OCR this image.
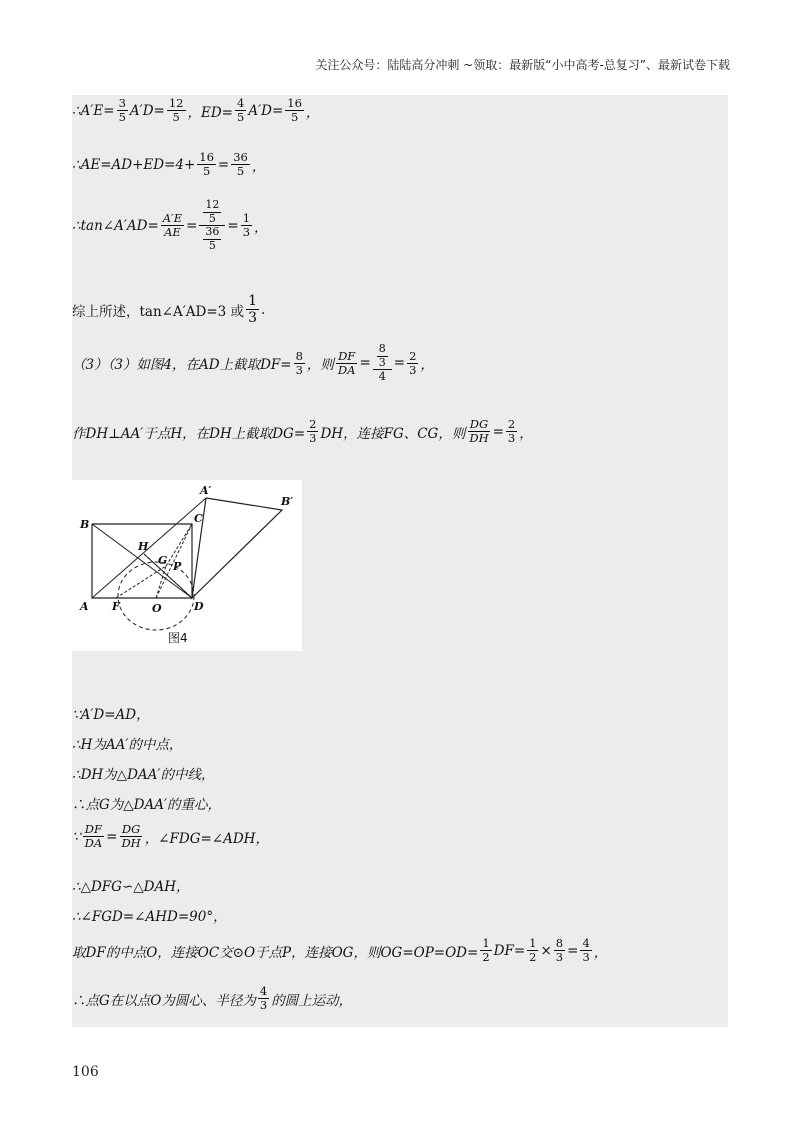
关注公众号：陆陆高分冲刺 ~领取：最新版“小中高考-总复习”、最新试卷下载
∴A′E= $\frac{3}{5} A'D= \frac{12}{5}$ ，$ED= \frac{4}{5} A'D= \frac{16}{5}$ ，
∴AE=AD+ED=4+ $\frac{16}{5} = \frac{36}{5}$ ，
∴tan∠A′AD= $\frac{A'E}{AE} = \frac{\frac{12}{5}}{\frac{36}{5}} = \frac{1}{3}$ ，
综上所述，tan∠A′AD=3 或 $\frac{1}{3}$ .
（3）（3）如图4，在AD上截取$DF= \frac{8}{3}$ ，则 $\frac{DF}{DA} = \frac{\frac{8}{3}}{4} = \frac{2}{3}$ ，
作DH⊥AA′于点H，在DH上截取$DG= \frac{2}{3}$ DH，连接FG、CG，则 $\frac{DG}{DH} = \frac{2}{3}$ ，
B
A
C
D
F	O
H
G P
A′
B′
图4
∵A′D=AD，
∴H为AA′的中点，
∴DH为△DAA′的中线，
∴点G为△DAA′的重心，
∵ $\frac{DF}{DA} = \frac{DG}{DH}$ ，∠FDG=∠ADH，
∴△DFG∽△DAH，
∴∠FGD=∠AHD=90°，
取DF的中点O，连接OC交⊙O于点P，连接OG，则$OG=OP=OD= \frac{1}{2} DF= \frac{1}{2} \times \frac{8}{3} = \frac{4}{3}$ ，
∴点G在以点O为圆心、半径为 $\frac{4}{3}$ 的圆上运动，
106
